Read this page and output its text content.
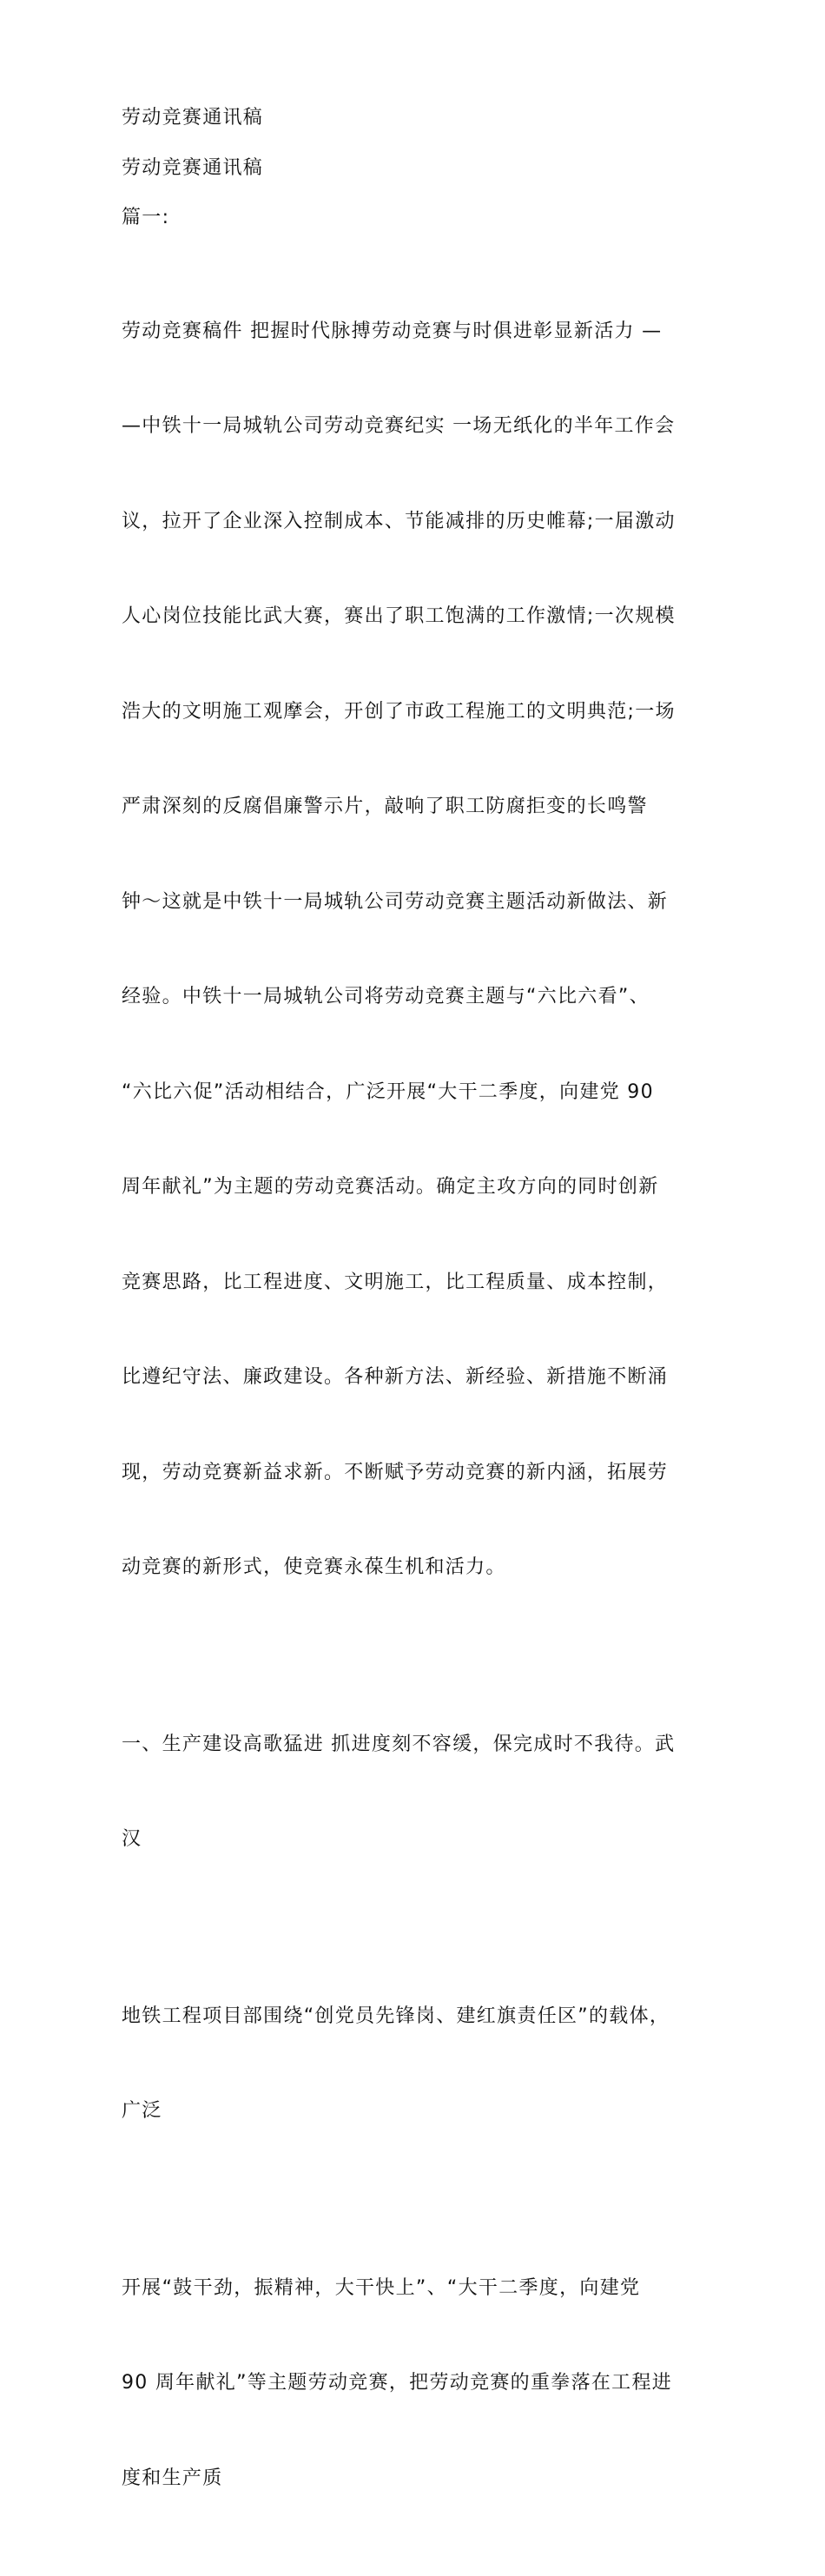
劳动竞赛通讯稿

劳动竞赛通讯稿

篇一:

劳动竞赛稿件 把握时代脉搏劳动竞赛与时俱进彰显新活力 —

—中铁十一局城轨公司劳动竞赛纪实 一场无纸化的半年工作会

议，拉开了企业深入控制成本、节能减排的历史帷幕;一届激动

人心岗位技能比武大赛，赛出了职工饱满的工作激情;一次规模

浩大的文明施工观摩会，开创了市政工程施工的文明典范;一场

严肃深刻的反腐倡廉警示片，敲响了职工防腐拒变的长鸣警

钟～这就是中铁十一局城轨公司劳动竞赛主题活动新做法、新

经验。中铁十一局城轨公司将劳动竞赛主题与“六比六看”、

“六比六促”活动相结合，广泛开展“大干二季度，向建党 90

周年献礼”为主题的劳动竞赛活动。确定主攻方向的同时创新

竞赛思路，比工程进度、文明施工，比工程质量、成本控制，

比遵纪守法、廉政建设。各种新方法、新经验、新措施不断涌

现，劳动竞赛新益求新。不断赋予劳动竞赛的新内涵，拓展劳

动竞赛的新形式，使竞赛永葆生机和活力。

一、生产建设高歌猛进 抓进度刻不容缓，保完成时不我待。武

汉

地铁工程项目部围绕“创党员先锋岗、建红旗责任区”的载体，

广泛

开展“鼓干劲，振精神，大干快上”、“大干二季度，向建党

90 周年献礼”等主题劳动竞赛，把劳动竞赛的重拳落在工程进

度和生产质
